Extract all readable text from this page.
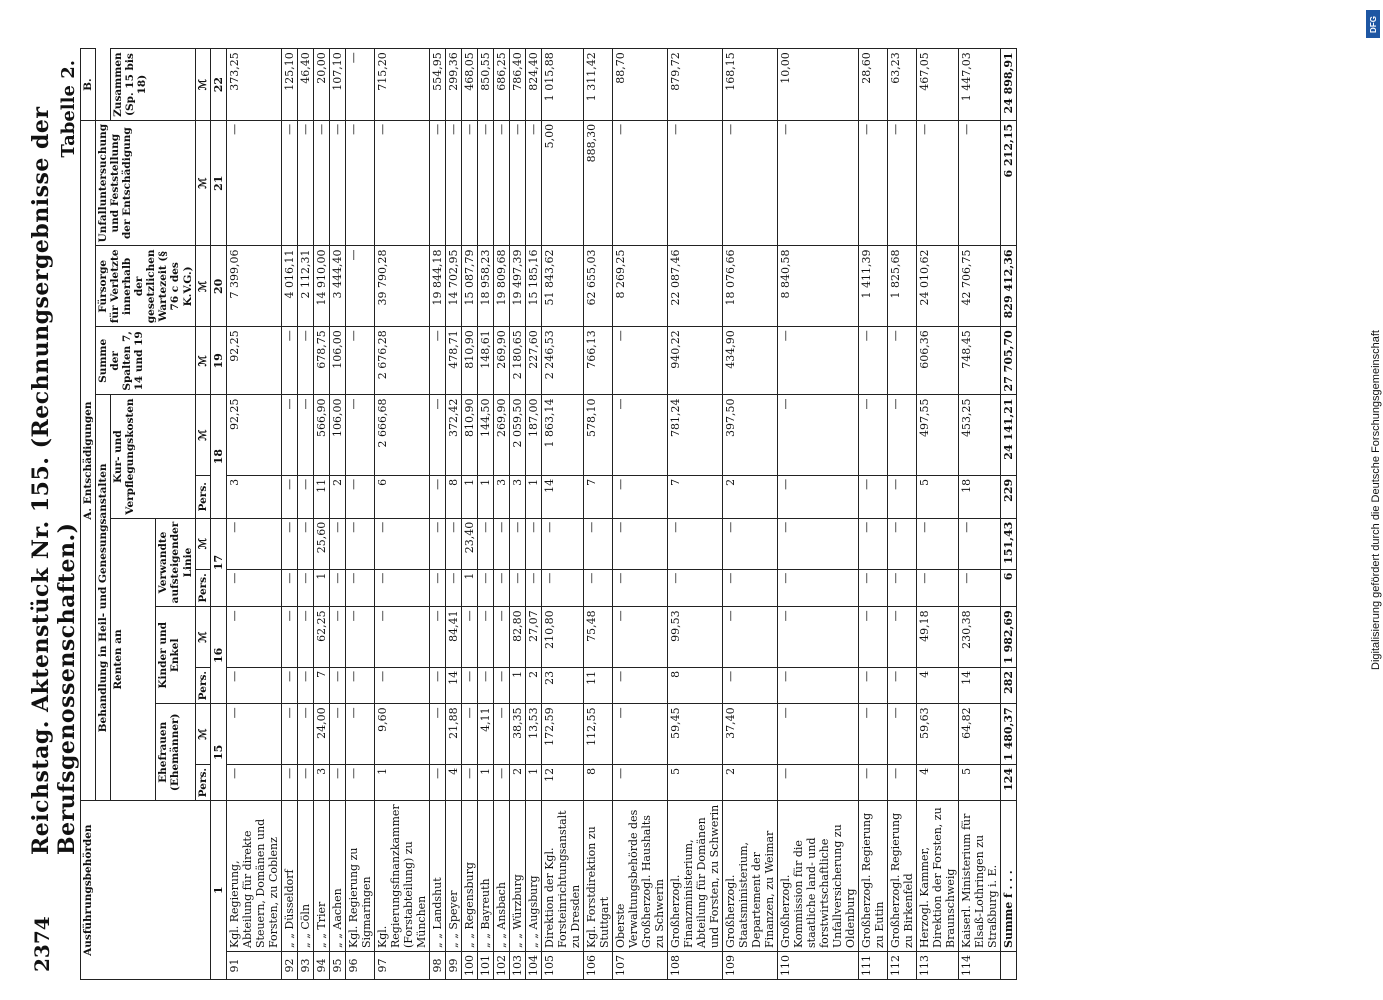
Digitalisierung gefördert durch die Deutsche Forschungsgemeinschaft
DFG
2374
Reichstag. Aktenstück Nr. 155. (Rechnungsergebnisse der Berufsgenossenschaften.)
Tabelle 2.
Ausführungsbehörden		A. Entschädigungen											B.
		Behandlung in Heil- und Genesungsanstalten								Summe der Spalten 7, 14 und 19	Fürsorge für Verletzte innerhalb der gesetzlichen Wartezeit (§ 76 c des K.V.G.)	Unfalluntersuchung und Feststellung der Entschädigung	
		Renten an						Kur- und Verpflegungskosten					Zusammen (Sp. 15 bis 18)
		Ehefrauen (Ehemänner)		Kinder und Enkel		Verwandte aufsteigender Linie							
		Pers.	ℳ	Pers.	ℳ	Pers.	ℳ	Pers.	ℳ	ℳ	ℳ	ℳ	ℳ
1		15		16		17		18		19	20	21	22
91	Kgl. Regierung, Abteilung für direkte Steuern, Domänen und Forsten, zu Coblenz	—	—	—	—	—	—	3	92,25	92,25	7 399,06	—	373,25
92	„ „ Düsseldorf	—	—	—	—	—	—	—	—	—	4 016,11	—	125,10
93	„ „ Cöln	—	—	—	—	—	—	—	—	—	2 112,31	—	46,40
94	„ „ Trier	3	24,00	7	62,25	1	25,60	11	566,90	678,75	14 910,00	—	20,00
95	„ „ Aachen	—	—	—	—	—	—	2	106,00	106,00	3 444,40	—	107,10
96	Kgl. Regierung zu Sigmaringen	—	—	—	—	—	—	—	—	—	—	—	—
97	Kgl. Regierungsfinanzkammer (Forstabteilung) zu München	1	9,60	—	—	—	—	6	2 666,68	2 676,28	39 790,28	—	715,20
98	„ „ Landshut	—	—	—	—	—	—	—	—	—	19 844,18	—	554,95
99	„ „ Speyer	4	21,88	14	84,41	—	—	8	372,42	478,71	14 702,95	—	299,36
100	„ „ Regensburg	—	—	—	—	1	23,40	1	810,90	810,90	15 087,79	—	468,05
101	„ „ Bayreuth	1	4,11	—	—	—	—	1	144,50	148,61	18 958,23	—	850,55
102	„ „ Ansbach	—	—	—	—	—	—	3	269,90	269,90	19 809,68	—	686,25
103	„ „ Würzburg	2	38,35	1	82,80	—	—	3	2 059,50	2 180,65	19 497,39	—	786,40
104	„ „ Augsburg	1	13,53	2	27,07	—	—	1	187,00	227,60	15 185,16	—	824,40
105	Direktion der Kgl. Forsteinrichtungsanstalt zu Dresden	12	172,59	23	210,80	—	—	14	1 863,14	2 246,53	51 843,62	5,00	1 015,88
106	Kgl. Forstdirektion zu Stuttgart	8	112,55	11	75,48	—	—	7	578,10	766,13	62 655,03	888,30	1 311,42
107	Oberste Verwaltungsbehörde des Großherzogl. Haushalts zu Schwerin	—	—	—	—	—	—	—	—	—	8 269,25	—	88,70
108	Großherzogl. Finanzministerium, Abteilung für Domänen und Forsten, zu Schwerin	5	59,45	8	99,53	—	—	7	781,24	940,22	22 087,46	—	879,72
109	Großherzogl. Staatsministerium, Departement der Finanzen, zu Weimar	2	37,40	—	—	—	—	2	397,50	434,90	18 076,66	—	168,15
110	Großherzogl. Kommission für die staatliche land- und forstwirtschaftliche Unfallversicherung zu Oldenburg	—	—	—	—	—	—	—	—	—	8 840,58	—	10,00
111	Großherzogl. Regierung zu Eutin	—	—	—	—	—	—	—	—	—	1 411,39	—	28,60
112	Großherzogl. Regierung zu Birkenfeld	—	—	—	—	—	—	—	—	—	1 825,68	—	63,23
113	Herzogl. Kammer, Direktion der Forsten, zu Braunschweig	4	59,63	4	49,18	—	—	5	497,55	606,36	24 010,62	—	467,05
114	Kaiserl. Ministerium für Elsaß-Lothringen zu Straßburg i. E.	5	64,82	14	230,38	—	—	18	453,25	748,45	42 706,75	—	1 447,03
	Summe f . . .	124	1 480,37	282	1 982,69	6	151,43	229	24 141,21	27 705,70	829 412,36	6 212,15	24 898,91
